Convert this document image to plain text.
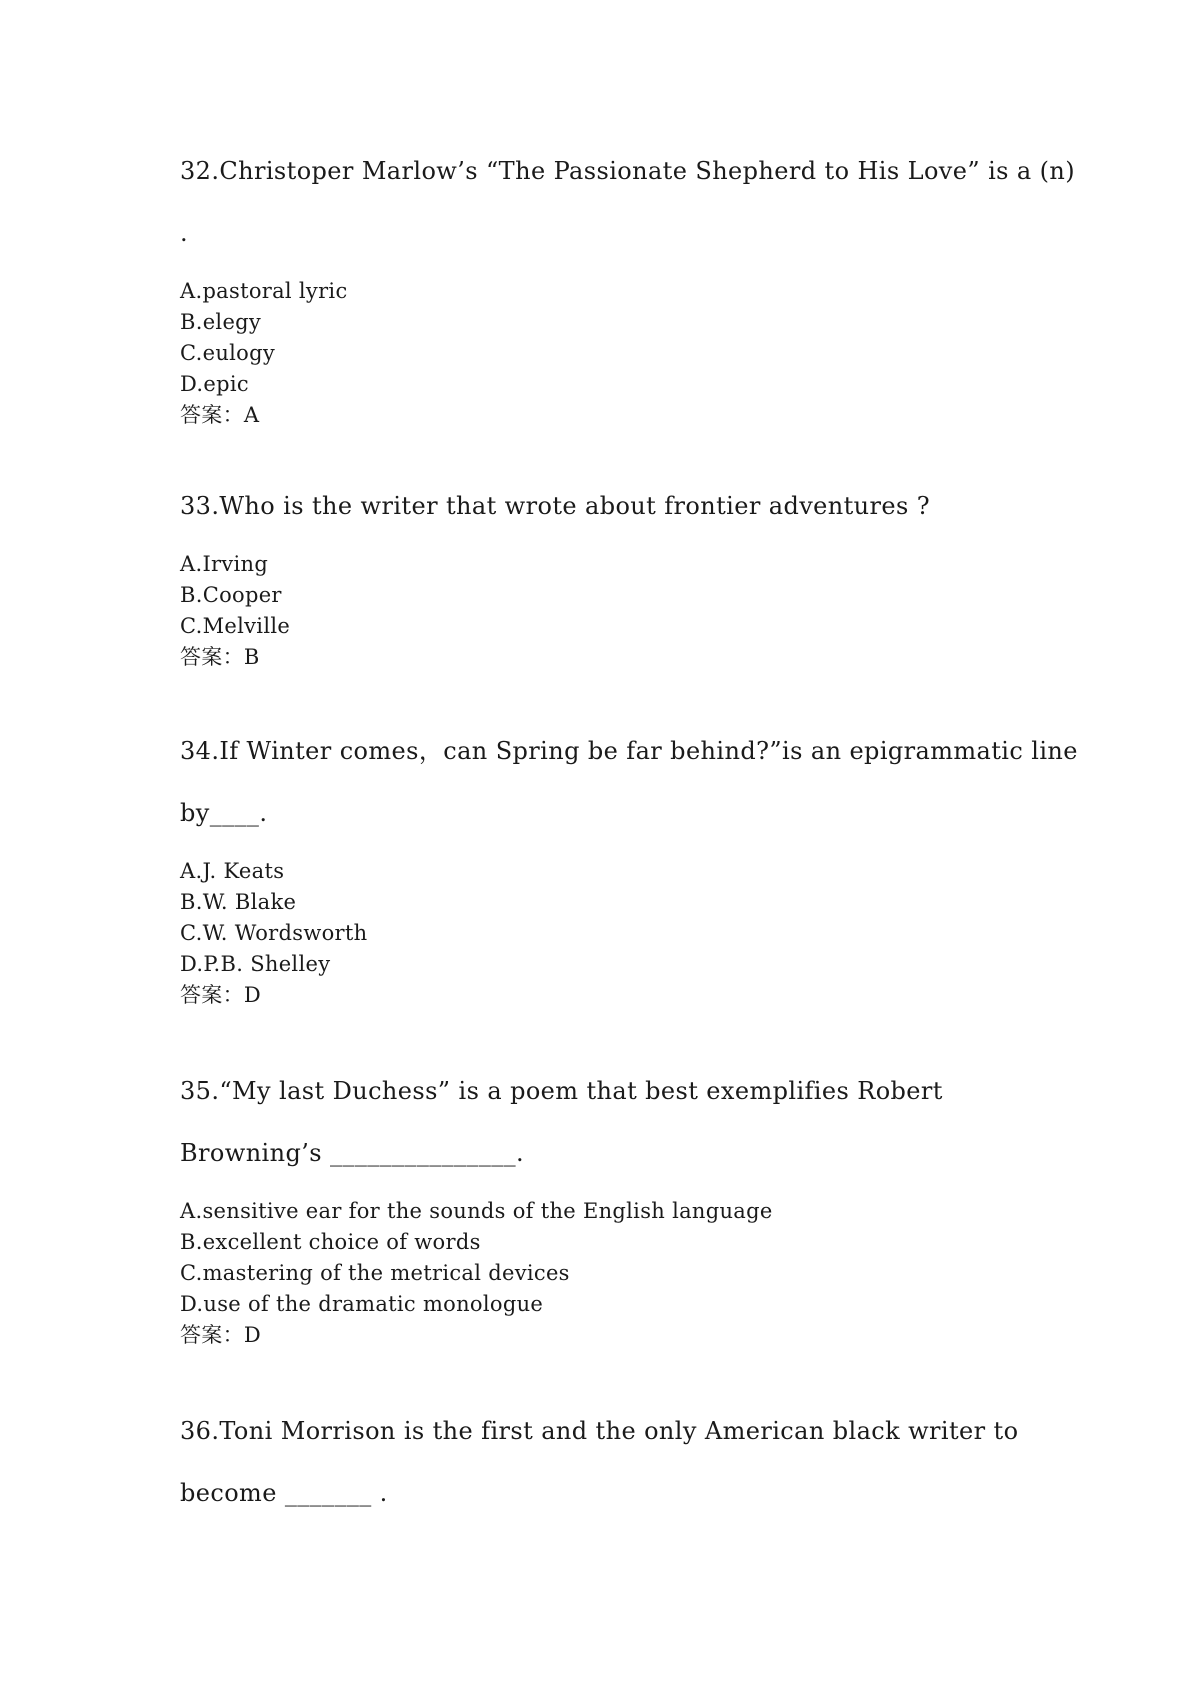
32.Christoper Marlow’s “The Passionate Shepherd to His Love” is a (n) .
A.pastoral lyric
B.elegy
C.eulogy
D.epic
答案：A
33.Who is the writer that wrote about frontier adventures ?
A.Irving
B.Cooper
C.Melville
答案：B
34.If Winter comes，can Spring be far behind?”is an epigrammatic line by____.
A.J. Keats
B.W. Blake
C.W. Wordsworth
D.P.B. Shelley
答案：D
35.“My last Duchess” is a poem that best exemplifies Robert Browning’s _______________.
A.sensitive ear for the sounds of the English language
B.excellent choice of words
C.mastering of the metrical devices
D.use of the dramatic monologue
答案：D
36.Toni Morrison is the first and the only American black writer to become _______ .
